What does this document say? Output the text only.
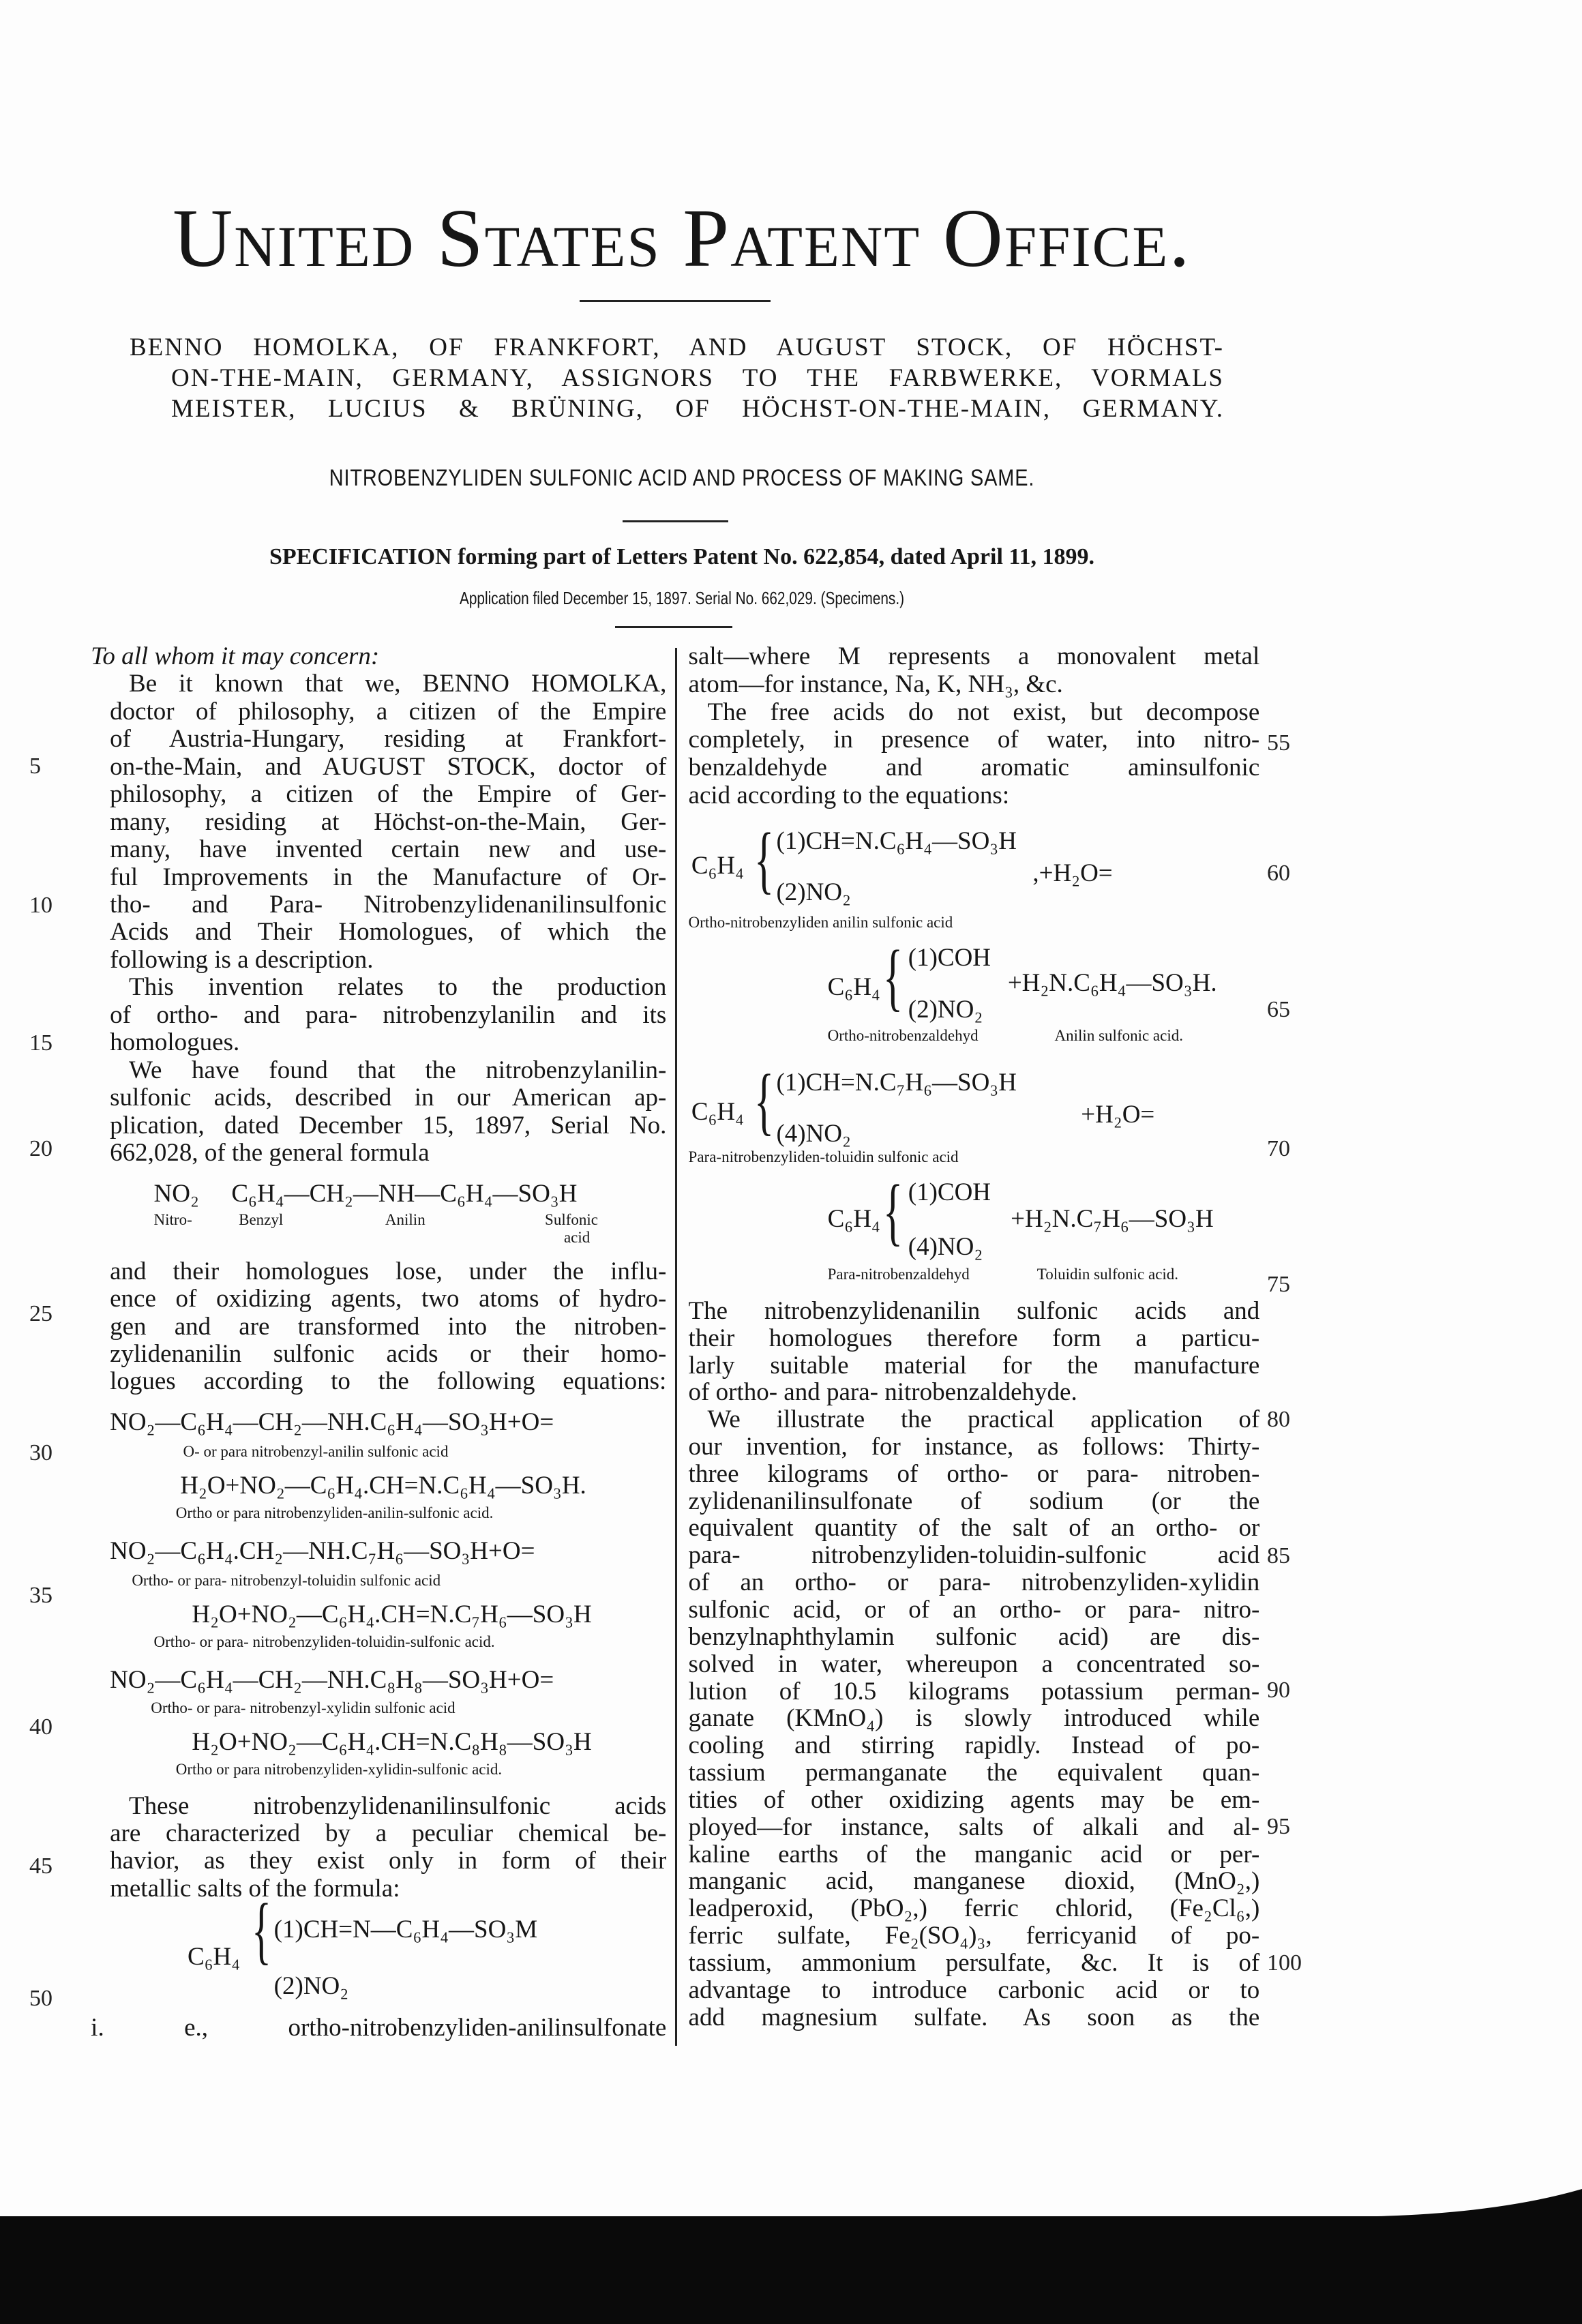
United States Patent Office.
BENNO HOMOLKA, OF FRANKFORT, AND AUGUST STOCK, OF HÖCHST-
ON-THE-MAIN, GERMANY, ASSIGNORS TO THE FARBWERKE, VORMALS
MEISTER, LUCIUS & BRÜNING, OF HÖCHST-ON-THE-MAIN, GERMANY.
NITROBENZYLIDEN SULFONIC ACID AND PROCESS OF MAKING SAME.
SPECIFICATION forming part of Letters Patent No. 622,854, dated April 11, 1899.
Application filed December 15, 1897. Serial No. 662,029. (Specimens.)
To all whom it may concern:
Be it known that we, BENNO HOMOLKA,
doctor of philosophy, a citizen of the Empire
of Austria-Hungary, residing at Frankfort-
on-the-Main, and AUGUST STOCK, doctor of
philosophy, a citizen of the Empire of Ger-
many, residing at Höchst-on-the-Main, Ger-
many, have invented certain new and use-
ful Improvements in the Manufacture of Or-
tho- and Para- Nitrobenzylidenanilinsulfonic
Acids and Their Homologues, of which the
following is a description.
This invention relates to the production
of ortho- and para- nitrobenzylanilin and its
homologues.
We have found that the nitrobenzylanilin-
sulfonic acids, described in our American ap-
plication, dated December 15, 1897, Serial No.
662,028, of the general formula
NO₂ C₆H₄—CH₂—NH—C₆H₄—SO₃H
Nitro-	Benzyl	Anilin	Sulfonic
acid
and their homologues lose, under the influ-
ence of oxidizing agents, two atoms of hydro-
gen and are transformed into the nitroben-
zylidenanilin sulfonic acids or their homo-
logues according to the following equations:
NO₂—C₆H₄—CH₂—NH.C₆H₄—SO₃H+O=
O- or para nitrobenzyl-anilin sulfonic acid
H₂O+NO₂—C₆H₄.CH=N.C₆H₄—SO₃H.
Ortho or para nitrobenzyliden-anilin-sulfonic acid.
NO₂—C₆H₄.CH₂—NH.C₇H₆—SO₃H+O=
Ortho- or para- nitrobenzyl-toluidin sulfonic acid
H₂O+NO₂—C₆H₄.CH=N.C₇H₆—SO₃H
Ortho- or para- nitrobenzyliden-toluidin-sulfonic acid.
NO₂—C₆H₄—CH₂—NH.C₈H₈—SO₃H+O=
Ortho- or para- nitrobenzyl-xylidin sulfonic acid
H₂O+NO₂—C₆H₄.CH=N.C₈H₈—SO₃H
Ortho or para nitrobenzyliden-xylidin-sulfonic acid.
These nitrobenzylidenanilinsulfonic acids
are characterized by a peculiar chemical be-
havior, as they exist only in form of their
metallic salts of the formula:
C₆H₄ { (1)CH=N—C₆H₄—SO₃M
(2)NO₂
i. e., ortho-nitrobenzyliden-anilinsulfonate
5
10
15
20
25
30
35
40
45
50
salt—where M represents a monovalent metal
atom—for instance, Na, K, NH₃, &c.
The free acids do not exist, but decompose
completely, in presence of water, into nitro-
benzaldehyde and aromatic aminsulfonic
acid according to the equations:
C₆H₄ { (1)CH=N.C₆H₄—SO₃H
(2)NO₂
,+H₂O=
Ortho-nitrobenzyliden anilin sulfonic acid
C₆H₄ { (1)COH
(2)NO₂
+H₂N.C₆H₄—SO₃H.
Ortho-nitrobenzaldehyd	Anilin sulfonic acid.
C₆H₄ { (1)CH=N.C₇H₆—SO₃H
(4)NO₂
+H₂O=
Para-nitrobenzyliden-toluidin sulfonic acid
C₆H₄ { (1)COH
(4)NO₂
+H₂N.C₇H₆—SO₃H
Para-nitrobenzaldehyd	Toluidin sulfonic acid.
The nitrobenzylidenanilin sulfonic acids and
their homologues therefore form a particu-
larly suitable material for the manufacture
of ortho- and para- nitrobenzaldehyde.
We illustrate the practical application of
our invention, for instance, as follows: Thirty-
three kilograms of ortho- or para- nitroben-
zylidenanilinsulfonate of sodium (or the
equivalent quantity of the salt of an ortho- or
para- nitrobenzyliden-toluidin-sulfonic acid
of an ortho- or para- nitrobenzyliden-xylidin
sulfonic acid, or of an ortho- or para- nitro-
benzylnaphthylamin sulfonic acid) are dis-
solved in water, whereupon a concentrated so-
lution of 10.5 kilograms potassium perman-
ganate (KMnO₄) is slowly introduced while
cooling and stirring rapidly. Instead of po-
tassium permanganate the equivalent quan-
tities of other oxidizing agents may be em-
ployed—for instance, salts of alkali and al-
kaline earths of the manganic acid or per-
manganic acid, manganese dioxid, (MnO₂,)
leadperoxid, (PbO₂,) ferric chlorid, (Fe₂Cl₆,)
ferric sulfate, Fe₂(SO₄)₃, ferricyanid of po-
tassium, ammonium persulfate, &c. It is of
advantage to introduce carbonic acid or to
add magnesium sulfate. As soon as the
55
60
65
70
75
80
85
90
95
100
